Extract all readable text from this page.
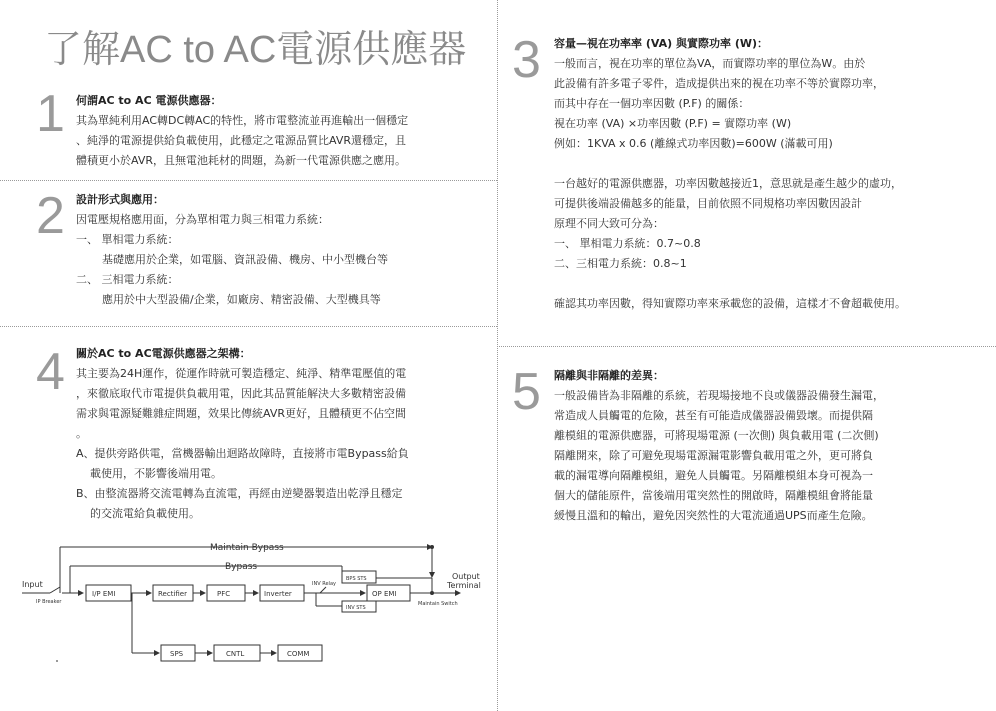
了解AC to AC電源供應器
1 何謂AC to AC 電源供應器：

其為單純利用AC轉DC轉AC的特性，將市電整流並再進輸出一個穩定

、純淨的電源提供給負載使用，此穩定之電源品質比AVR還穩定，且

體積更小於AVR，且無電池耗材的問題，為新一代電源供應之應用。

2 設計形式與應用：

因電壓規格應用面，分為單相電力與三相電力系統：

一、 單相電力系統：

基礎應用於企業，如電腦、資訊設備、機房、中小型機台等

二、 三相電力系統：

應用於中大型設備/企業，如廠房、精密設備、大型機具等

4 關於AC to AC電源供應器之架構：

其主要為24H運作，從運作時就可製造穩定、純淨、精準電壓值的電

，來徹底取代市電提供負載用電，因此其品質能解決大多數精密設備

需求與電源疑難雜症問題，效果比傳統AVR更好，且體積更不佔空間

。

A、提供旁路供電，當機器輸出迴路故障時，直接將市電Bypass給負

載使用，不影響後端用電。

B、由整流器將交流電轉為直流電，再經由逆變器製造出乾淨且穩定

的交流電給負載使用。

3 容量—視在功率率 (VA) 與實際功率 (W)：

一般而言，視在功率的單位為VA，而實際功率的單位為W。由於

此設備有許多電子零件，造成提供出來的視在功率不等於實際功率，

而其中存在一個功率因數 (P.F) 的關係：

視在功率 (VA) ×功率因數 (P.F) = 實際功率 (W)

例如：1KVA x 0.6 (離線式功率因數)=600W (滿載可用)

一台越好的電源供應器，功率因數越接近1，意思就是產生越少的虛功，

可提供後端設備越多的能量，目前依照不同規格功率因數因設計

原理不同大致可分為：

一、 單相電力系統：0.7~0.8

二、三相電力系統：0.8~1

確認其功率因數，得知實際功率來承載您的設備，這樣才不會超載使用。

5 隔離與非隔離的差異：

一般設備皆為非隔離的系統，若現場接地不良或儀器設備發生漏電，

常造成人員觸電的危險，甚至有可能造成儀器設備毀壞。而提供隔

離模組的電源供應器，可將現場電源 (一次側) 與負載用電 (二次側)

隔離開來，除了可避免現場電源漏電影響負載用電之外，更可將負

載的漏電導向隔離模組，避免人員觸電。另隔離模組本身可視為一

個大的儲能原件，當後端用電突然性的開啟時，隔離模組會將能量

緩慢且溫和的輸出，避免因突然性的大電流通過UPS而產生危險。

Input
IP Breaker
I/P EMI	Rectifier	PFC	Inverter
INV Relay
BPS STS
INV STS
OP EMI
Output
Terminal
Maintain Switch
Maintain Bypass
Bypass
SPS	CNTL	COMM
